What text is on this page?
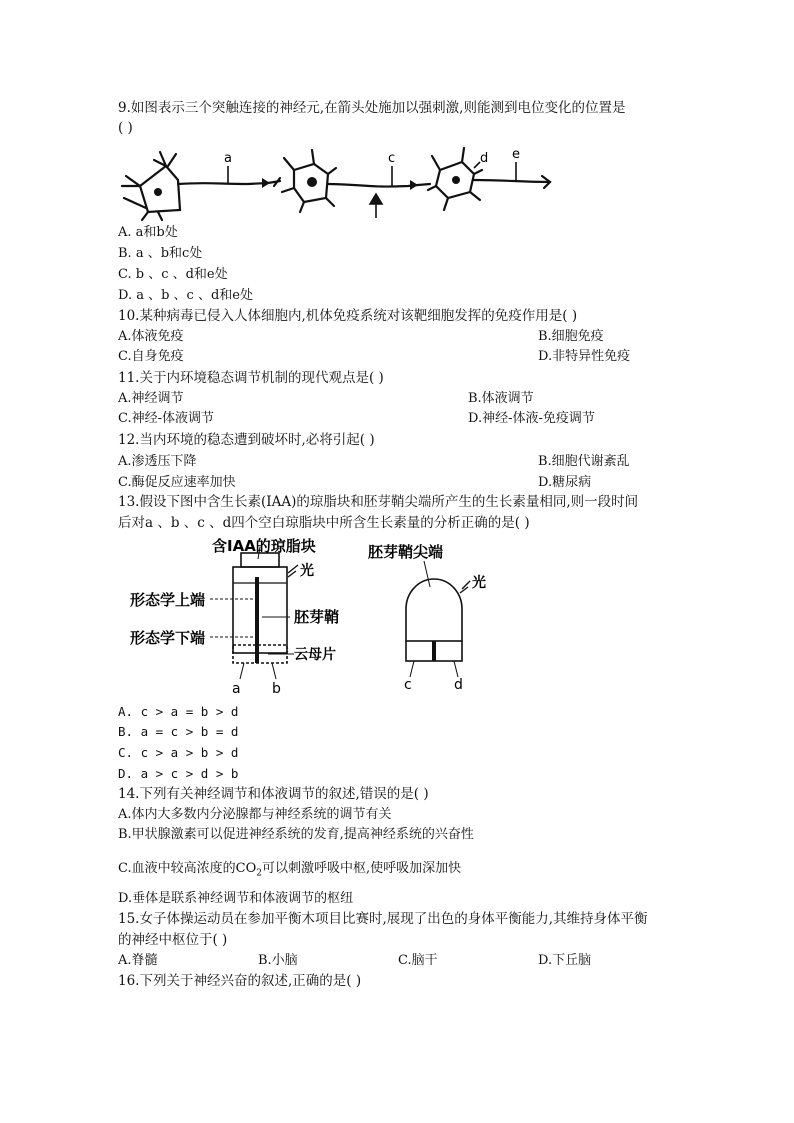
9.如图表示三个突触连接的神经元,在箭头处施加以强刺激,则能测到电位变化的位置是
( )
a	c	d e
A. a和b处
B. a 、b和c处
C. b 、c 、d和e处
D. a 、b 、c 、d和e处
10.某种病毒已侵入人体细胞内,机体免疫系统对该靶细胞发挥的免疫作用是( )
A.体液免疫	B.细胞免疫
C.自身免疫	D.非特异性免疫
11.关于内环境稳态调节机制的现代观点是( )
A.神经调节	B.体液调节
C.神经-体液调节	D.神经-体液-免疫调节
12.当内环境的稳态遭到破坏时,必将引起( )
A.渗透压下降	B.细胞代谢紊乱
C.酶促反应速率加快	D.糖尿病
13.假设下图中含生长素(IAA)的琼脂块和胚芽鞘尖端所产生的生长素量相同,则一段时间
后对a 、b 、c 、d四个空白琼脂块中所含生长素量的分析正确的是( )
含IAA的琼脂块	胚芽鞘尖端
光
光
形态学上端
形态学下端
胚芽鞘
云母片
a b	c	d
A. c > a = b > d
B. a = c > b = d
C. c > a > b > d
D. a > c > d > b
14.下列有关神经调节和体液调节的叙述,错误的是( )
A.体内大多数内分泌腺都与神经系统的调节有关
B.甲状腺激素可以促进神经系统的发育,提高神经系统的兴奋性
C.血液中较高浓度的$CO_2$可以刺激呼吸中枢,使呼吸加深加快
D.垂体是联系神经调节和体液调节的枢纽
15.女子体操运动员在参加平衡木项目比赛时,展现了出色的身体平衡能力,其维持身体平衡
的神经中枢位于( )
A.脊髓	B.小脑	C.脑干	D.下丘脑
16.下列关于神经兴奋的叙述,正确的是( )
